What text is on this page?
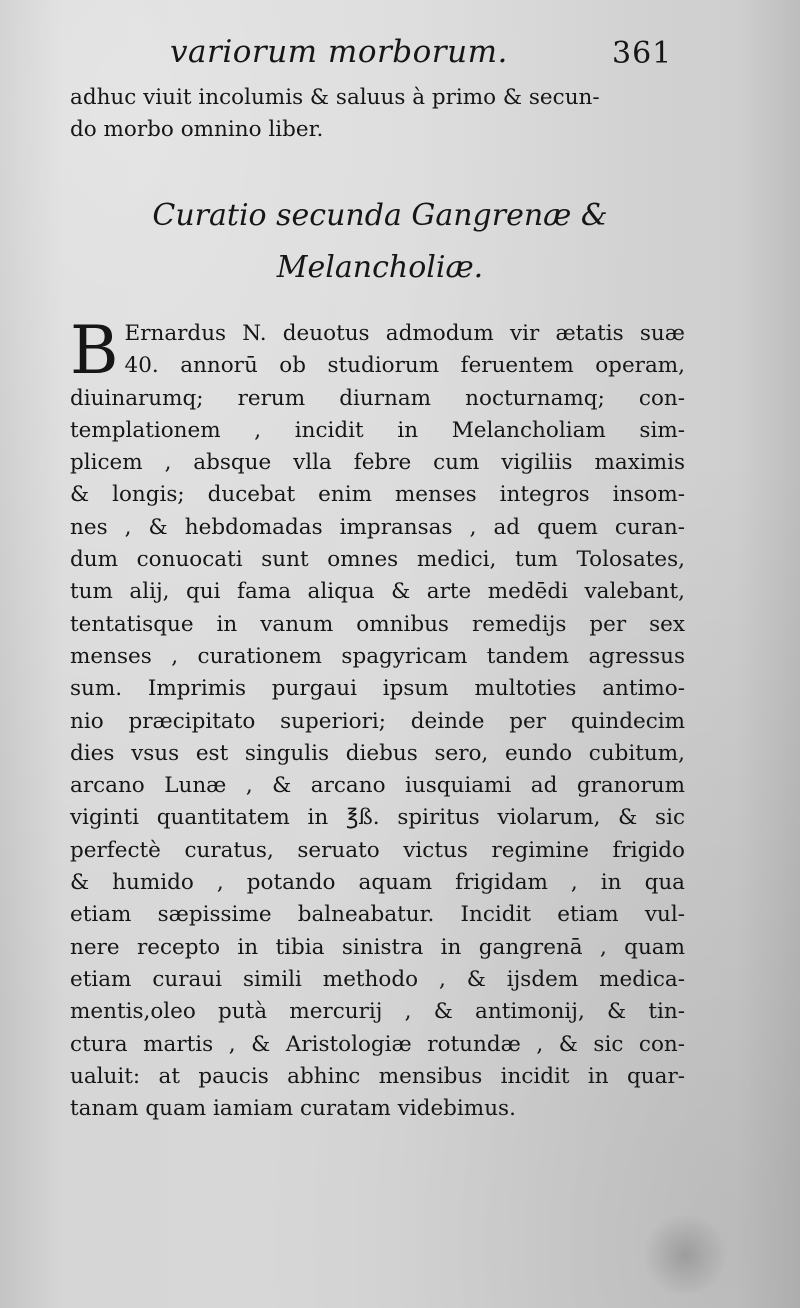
variorum morborum.	361
adhuc viuit incolumis & saluus à primo & secun-
do morbo omnino liber.
Curatio secunda Gangrenæ &
Melancholiæ.
B Ernardus N. deuotus admodum vir ætatis suæ
40. annorū ob studiorum feruentem operam,
diuinarumq; rerum diurnam nocturnamq; con-
templationem , incidit in Melancholiam sim-
plicem , absque vlla febre cum vigiliis maximis
& longis; ducebat enim menses integros insom-
nes , & hebdomadas impransas , ad quem curan-
dum conuocati sunt omnes medici, tum Tolosates,
tum alij, qui fama aliqua & arte medēdi valebant,
tentatisque in vanum omnibus remedijs per sex
menses , curationem spagyricam tandem agressus
sum. Imprimis purgaui ipsum multoties antimo-
nio præcipitato superiori; deinde per quindecim
dies vsus est singulis diebus sero, eundo cubitum,
arcano Lunæ , & arcano iusquiami ad granorum
viginti quantitatem in ℥ß. spiritus violarum, & sic
perfectè curatus, seruato victus regimine frigido
& humido , potando aquam frigidam , in qua
etiam sæpissime balneabatur. Incidit etiam vul-
nere recepto in tibia sinistra in gangrenā , quam
etiam curaui simili methodo , & ijsdem medica-
mentis,oleo putà mercurij , & antimonij, & tin-
ctura martis , & Aristologiæ rotundæ , & sic con-
ualuit: at paucis abhinc mensibus incidit in quar-
tanam quam iamiam curatam videbimus.
